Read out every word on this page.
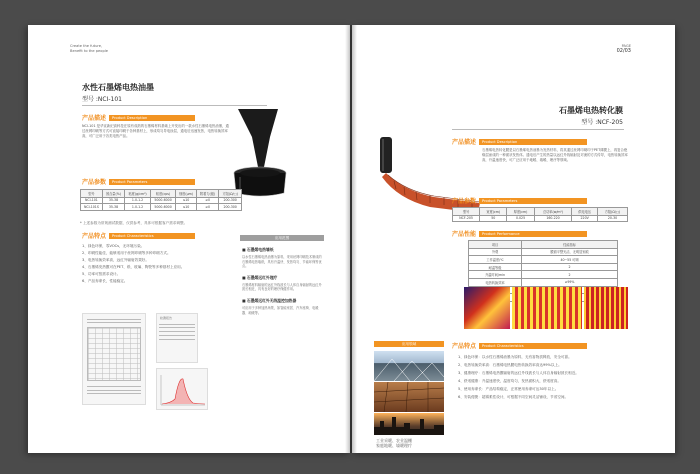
Create the future,
Benefit to the people
水性石墨烯电热油墨
型号 :NCI-101
产品描述	Product Description
NCI-101 是华宣新纪高科技在原有成熟的石墨烯材料基础上开发出的一款水性石墨烯电热油墨，通过丝网印刷等方式可直接印刷于各种基材上，形成均匀导电涂层，通电后迅速发热，电热转换效率高，可广泛用于各类电热产品。
产品参数	Product Parameters
型号	固含量(%)	粘度(g/cm³)	粘度(cps)	细度(μm)	附着力(级)	方阻(Ω/□)
NCI-101	35-38	1.0-1.2	5000-6000	≤10	≥0	200-300
NCI-101S	35-38	1.0-1.2	5000-6000	≤10	≥0	200-300
* 上述参数为常规测试数据，仅供参考，具体可根据客户需求调整。
产品特点	Product Characteristics
1、绿色环保，零VOCs，无环境污染。
2、印刷性能佳，能够适用于丝网印刷等多种印刷方式。
3、电热转换效率高，远红外辐射效果好。
4、石墨烯发热膜可在PET、纸、玻璃、陶瓷等多种基材上应用。
5、功率可按需求设计。
6、产品寿命长，性能稳定。
应用范围
■ 石墨烯电热墙纸
以水性石墨烯电热油墨为原料，采用丝网印刷技术制成的石墨烯电热墙纸，具有升温快、发热均匀、节能环保等优点。
■ 石墨烯远红外理疗
石墨烯材料辐射的远红外线波长与人体自身辐射的远红外波长相近，具有良好的理疗保健作用。
■ 石墨烯远红外无线温控加热器
可应用于多种加热场景，如智能家居、汽车座椅、电暖器、地暖等。
检测报告
PAGE
02/03
石墨烯电热转化膜
型号 :NCF-205
产品描述	Product Description
石墨烯电热转化膜是以石墨烯电热油墨为发热材料，将其通过丝网印刷印于PET薄膜上，再复合绝缘层而成的一种面状发热体。通电后产生的热量以远红外线辐射及对流的方式传导，电热转换效率高，升温速度快，可广泛应用于地暖、墙暖、理疗等领域。
产品参数	Product Parameters
型号	宽度(cm)	厚度(cm)	总功率(w/m²)	供电电压	方阻(Ω/□)
NCF-205	50	0.025	160-220	220V	20-30
产品性能	Product Performance
项目	性能指标
外观	膜面平整光洁，无明显划痕
工作温度/℃	40~55 可调
耐温等级	2
升温时间/min	2
电热转换效率	≥99%

应用领域
工业采暖、农业温棚
家庭地暖、墙暖理疗
产品特点	Product Characteristics
1、绿色环保：以水性石墨烯油墨为原料，无有害物质释放，安全可靠。
2、电热转换效率高：石墨烯电热膜电热转换效率高达99%以上。
3、健康理疗：石墨烯电热膜辐射的远红外线波长与人体自身辐射波长相近。
4、舒适健康：升温速度快，温度均匀，发热面积大，舒适度高。
5、使用寿命长：产品结构稳定，正常使用寿命可达30年以上。
6、安装便捷：超薄柔性设计，可根据不同空间灵活铺设，节省空间。
